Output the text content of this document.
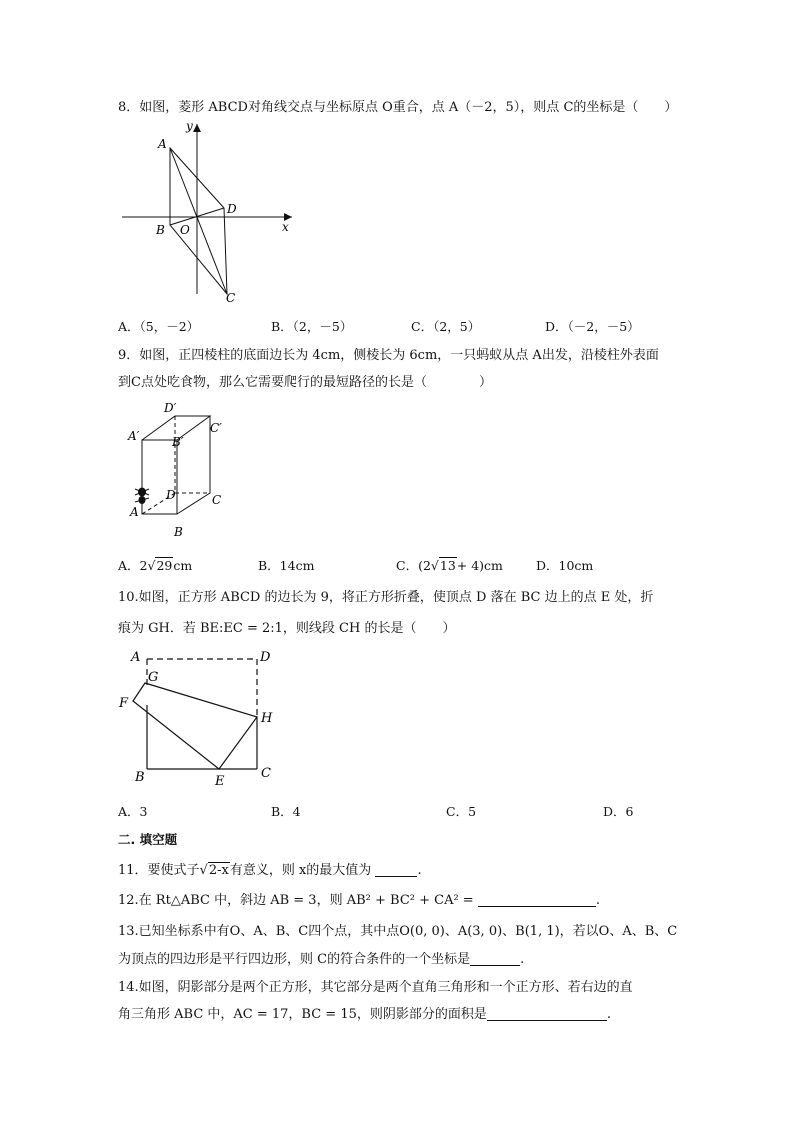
8．如图，菱形 ABCD对角线交点与坐标原点 O重合，点 A（－2，5），则点 C的坐标是（　　）
y
A
D
x
B O
C
A．（5，－2）	B．（2，－5）	C．（2，5）	D．（－2，－5）
9．如图，正四棱柱的底面边长为 4cm，侧棱长为 6cm，一只蚂蚁从点 A出发，沿棱柱外表面
到C点处吃食物，那么它需要爬行的最短路径的长是（　　　　）
D′
A′	B′
C′
D	C
A
B
A．2√29cm	B．14cm	C．(2√13+ 4)cm	D．10cm
10.如图，正方形 ABCD 的边长为 9，将正方形折叠，使顶点 D 落在 BC 边上的点 E 处，折
痕为 GH．若 BE:EC = 2:1，则线段 CH 的长是（　　）
A	D
G
F
H
B	E
C
A．3	B．4	C．5	D．6
二. 填空题
11．要使式子√2-x有意义，则 x的最大值为	.
12.在 Rt△ABC 中，斜边 AB = 3，则 AB² + BC² + CA² =	.
13.已知坐标系中有O、A、B、C四个点，其中点O(0, 0)、A(3, 0)、B(1, 1)，若以O、A、B、C
为顶点的四边形是平行四边形，则 C的符合条件的一个坐标是	.
14.如图，阴影部分是两个正方形，其它部分是两个直角三角形和一个正方形、若右边的直
角三角形 ABC 中，AC = 17，BC = 15，则阴影部分的面积是	.
